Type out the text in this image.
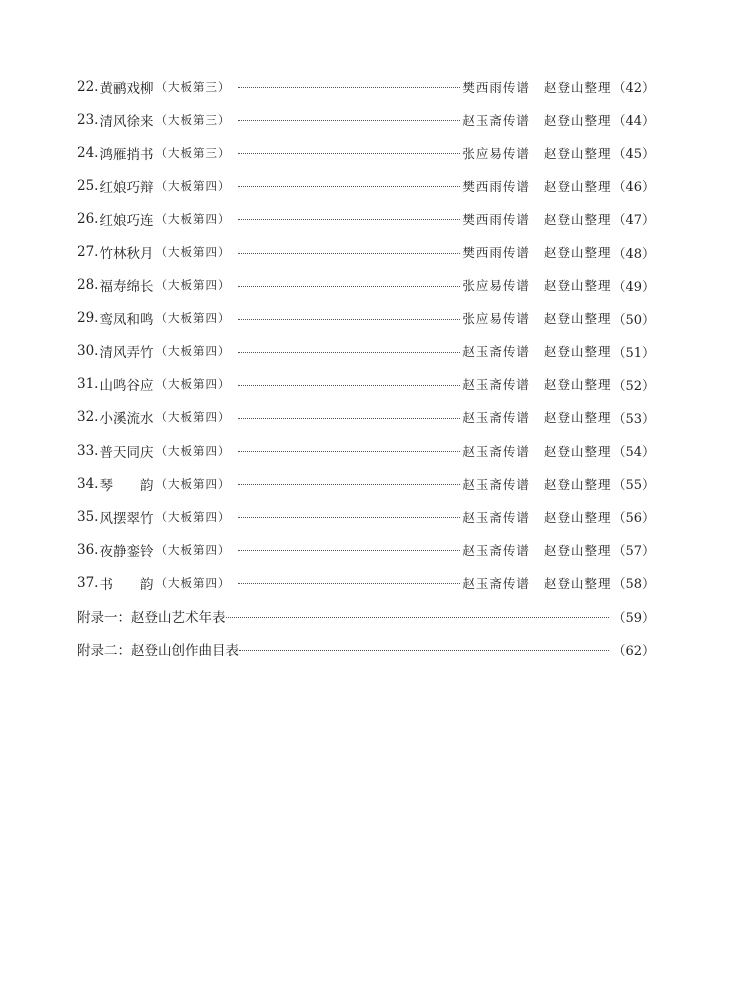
22. 黄鹂戏柳 （大板第三）	樊西雨传谱 赵登山整理 （42）
23. 清风徐来 （大板第三）	赵玉斋传谱 赵登山整理 （44）
24. 鸿雁捎书 （大板第三）	张应易传谱 赵登山整理 （45）
25. 红娘巧辩 （大板第四）	樊西雨传谱 赵登山整理 （46）
26. 红娘巧连 （大板第四）	樊西雨传谱 赵登山整理 （47）
27. 竹林秋月 （大板第四）	樊西雨传谱 赵登山整理 （48）
28. 福寿绵长 （大板第四）	张应易传谱 赵登山整理 （49）
29. 鸾凤和鸣 （大板第四）	张应易传谱 赵登山整理 （50）
30. 清风弄竹 （大板第四）	赵玉斋传谱 赵登山整理 （51）
31. 山鸣谷应 （大板第四）	赵玉斋传谱 赵登山整理 （52）
32. 小溪流水 （大板第四）	赵玉斋传谱 赵登山整理 （53）
33. 普天同庆 （大板第四）	赵玉斋传谱 赵登山整理 （54）
34. 琴　　韵 （大板第四）	赵玉斋传谱 赵登山整理 （55）
35. 风摆翠竹 （大板第四）	赵玉斋传谱 赵登山整理 （56）
36. 夜静銮铃 （大板第四）	赵玉斋传谱 赵登山整理 （57）
37. 书　　韵 （大板第四）	赵玉斋传谱 赵登山整理 （58）
附录一：赵登山艺术年表	（59）
附录二：赵登山创作曲目表	（62）
